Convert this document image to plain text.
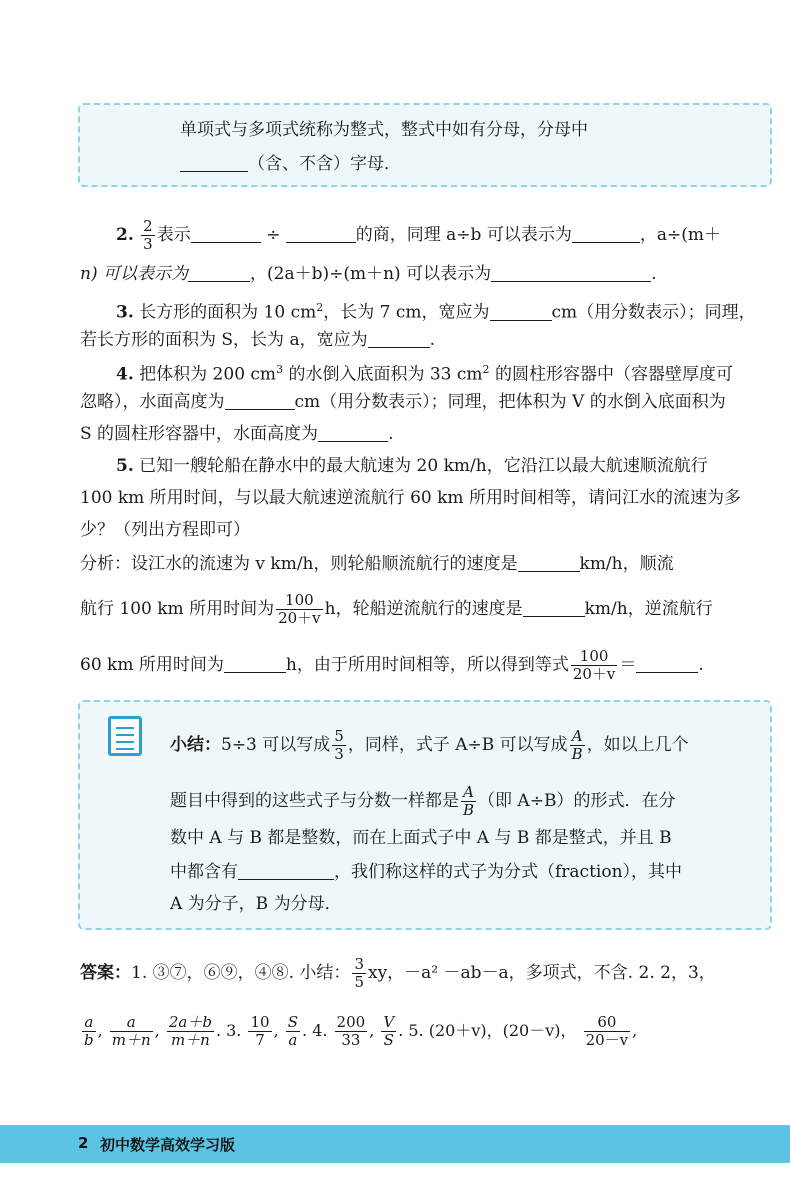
单项式与多项式统称为整式，整式中如有分母，分母中
（含、不含）字母．
2. $\frac{2}{3}$ 表示	÷	的商，同理 a÷b 可以表示为	，a÷(m＋
n) 可以表示为	，(2a＋b)÷(m＋n) 可以表示为	.
3. 长方形的面积为 10 $cm^2$，长为 7 cm，宽应为	cm（用分数表示）；同理，
若长方形的面积为 S，长为 a，宽应为	.
4. 把体积为 200 $cm^3$ 的水倒入底面积为 33 $cm^2$ 的圆柱形容器中（容器壁厚度可
忽略），水面高度为	cm（用分数表示）；同理，把体积为 V 的水倒入底面积为
S 的圆柱形容器中，水面高度为	.
5. 已知一艘轮船在静水中的最大航速为 20 km/h，它沿江以最大航速顺流航行
100 km 所用时间，与以最大航速逆流航行 60 km 所用时间相等，请问江水的流速为多
少？（列出方程即可）
分析：设江水的流速为 v km/h，则轮船顺流航行的速度是	km/h，顺流
航行 100 km 所用时间为 $\frac{100}{20+v}$ h，轮船逆流航行的速度是	km/h，逆流航行
60 km 所用时间为	h，由于所用时间相等，所以得到等式 $\frac{100}{20+v}$ ＝	.
小结：5÷3 可以写成 $\frac{5}{3}$ ，同样，式子 A÷B 可以写成 $\frac{A}{B}$ ，如以上几个
题目中得到的这些式子与分数一样都是 $\frac{A}{B}$ （即 A÷B）的形式．在分
数中 A 与 B 都是整数，而在上面式子中 A 与 B 都是整式，并且 B
中都含有	，我们称这样的式子为分式（fraction），其中
A 为分子，B 为分母．
答案：1. ③⑦，⑥⑨，④⑧. 小结： $\frac{3}{5}$ xy，－a² －ab－a，多项式，不含. 2. 2，3，
$\frac{a}{b}$ , $\frac{a}{m+n}$ , $\frac{2a+b}{m+n}$ . 3. $\frac{10}{7}$ , $\frac{S}{a}$ . 4. $\frac{200}{33}$ , $\frac{V}{S}$ . 5. (20＋v)，(20－v)， $\frac{60}{20-v}$ ,
2 初中数学高效学习版
